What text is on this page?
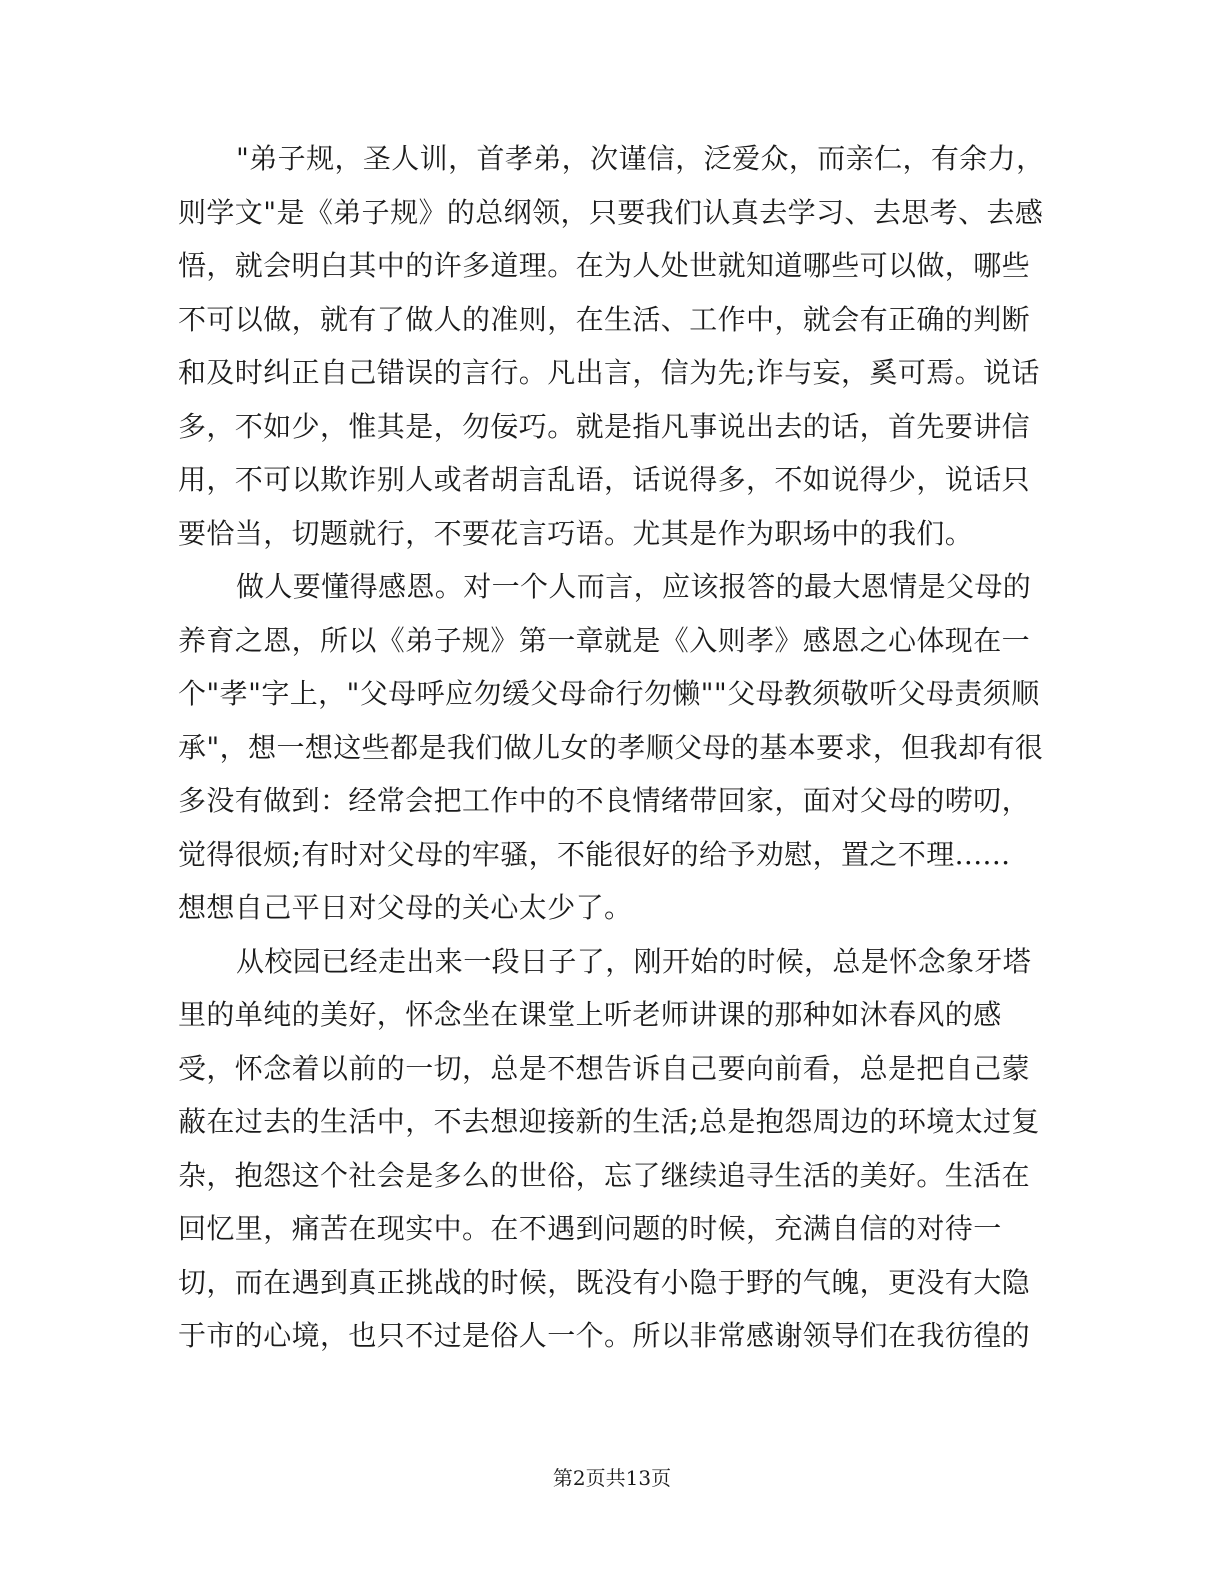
"弟子规，圣人训，首孝弟，次谨信，泛爱众，而亲仁，有余力，
则学文"是《弟子规》的总纲领，只要我们认真去学习、去思考、去感
悟，就会明白其中的许多道理。在为人处世就知道哪些可以做，哪些
不可以做，就有了做人的准则，在生活、工作中，就会有正确的判断
和及时纠正自己错误的言行。凡出言，信为先;诈与妄，奚可焉。说话
多，不如少，惟其是，勿佞巧。就是指凡事说出去的话，首先要讲信
用，不可以欺诈别人或者胡言乱语，话说得多，不如说得少，说话只
要恰当，切题就行，不要花言巧语。尤其是作为职场中的我们。
做人要懂得感恩。对一个人而言，应该报答的最大恩情是父母的
养育之恩，所以《弟子规》第一章就是《入则孝》感恩之心体现在一
个"孝"字上，"父母呼应勿缓父母命行勿懒""父母教须敬听父母责须顺
承"，想一想这些都是我们做儿女的孝顺父母的基本要求，但我却有很
多没有做到：经常会把工作中的不良情绪带回家，面对父母的唠叨，
觉得很烦;有时对父母的牢骚，不能很好的给予劝慰，置之不理......
想想自己平日对父母的关心太少了。
从校园已经走出来一段日子了，刚开始的时候，总是怀念象牙塔
里的单纯的美好，怀念坐在课堂上听老师讲课的那种如沐春风的感
受，怀念着以前的一切，总是不想告诉自己要向前看，总是把自己蒙
蔽在过去的生活中，不去想迎接新的生活;总是抱怨周边的环境太过复
杂，抱怨这个社会是多么的世俗，忘了继续追寻生活的美好。生活在
回忆里，痛苦在现实中。在不遇到问题的时候，充满自信的对待一
切，而在遇到真正挑战的时候，既没有小隐于野的气魄，更没有大隐
于市的心境，也只不过是俗人一个。所以非常感谢领导们在我彷徨的
第2页共13页
